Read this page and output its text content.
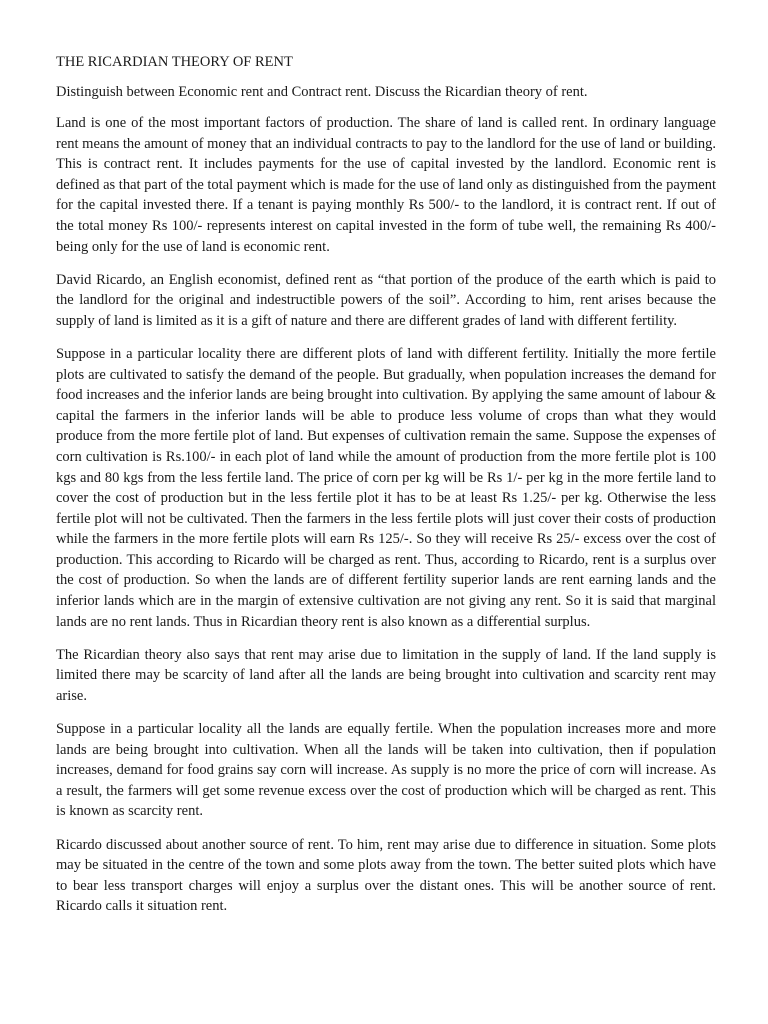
THE RICARDIAN THEORY OF RENT
Distinguish between Economic rent and Contract rent. Discuss the Ricardian theory of rent.

Land is one of the most important factors of production. The share of land is called rent. In ordinary language rent means the amount of money that an individual contracts to pay to the landlord for the use of land or building. This is contract rent. It includes payments for the use of capital invested by the landlord. Economic rent is defined as that part of the total payment which is made for the use of land only as distinguished from the payment for the capital invested there. If a tenant is paying monthly Rs 500/- to the landlord, it is contract rent. If out of the total money Rs 100/- represents interest on capital invested in the form of tube well, the remaining Rs 400/- being only for the use of land is economic rent.

David Ricardo, an English economist, defined rent as “that portion of the produce of the earth which is paid to the landlord for the original and indestructible powers of the soil”. According to him, rent arises because the supply of land is limited as it is a gift of nature and there are different grades of land with different fertility.

Suppose in a particular locality there are different plots of land with different fertility. Initially the more fertile plots are cultivated to satisfy the demand of the people. But gradually, when population increases the demand for food increases and the inferior lands are being brought into cultivation. By applying the same amount of labour & capital the farmers in the inferior lands will be able to produce less volume of crops than what they would produce from the more fertile plot of land. But expenses of cultivation remain the same. Suppose the expenses of corn cultivation is Rs.100/- in each plot of land while the amount of production from the more fertile plot is 100 kgs and 80 kgs from the less fertile land. The price of corn per kg will be Rs 1/- per kg in the more fertile land to cover the cost of production but in the less fertile plot it has to be at least Rs 1.25/- per kg. Otherwise the less fertile plot will not be cultivated. Then the farmers in the less fertile plots will just cover their costs of production while the farmers in the more fertile plots will earn Rs 125/-. So they will receive Rs 25/- excess over the cost of production. This according to Ricardo will be charged as rent. Thus, according to Ricardo, rent is a surplus over the cost of production. So when the lands are of different fertility superior lands are rent earning lands and the inferior lands which are in the margin of extensive cultivation are not giving any rent. So it is said that marginal lands are no rent lands. Thus in Ricardian theory rent is also known as a differential surplus.

The Ricardian theory also says that rent may arise due to limitation in the supply of land. If the land supply is limited there may be scarcity of land after all the lands are being brought into cultivation and scarcity rent may arise.

Suppose in a particular locality all the lands are equally fertile. When the population increases more and more lands are being brought into cultivation. When all the lands will be taken into cultivation, then if population increases, demand for food grains say corn will increase. As supply is no more the price of corn will increase. As a result, the farmers will get some revenue excess over the cost of production which will be charged as rent. This is known as scarcity rent.

Ricardo discussed about another source of rent. To him, rent may arise due to difference in situation. Some plots may be situated in the centre of the town and some plots away from the town. The better suited plots which have to bear less transport charges will enjoy a surplus over the distant ones. This will be another source of rent. Ricardo calls it situation rent.
